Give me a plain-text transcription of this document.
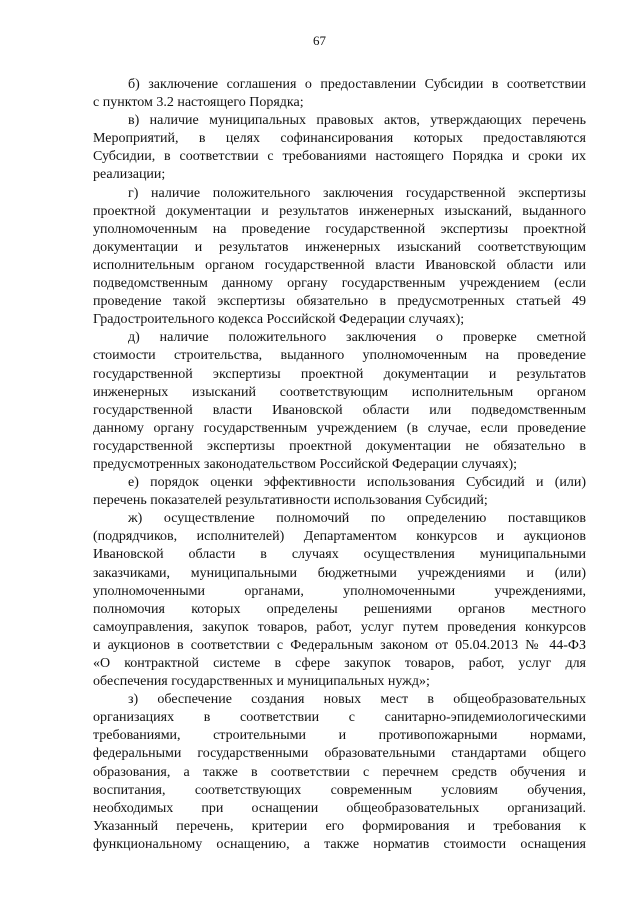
67
б) заключение соглашения о предоставлении Субсидии в соответствии
с пунктом 3.2 настоящего Порядка;
в) наличие муниципальных правовых актов, утверждающих перечень
Мероприятий, в целях софинансирования которых предоставляются
Субсидии, в соответствии с требованиями настоящего Порядка и сроки их
реализации;
г) наличие положительного заключения государственной экспертизы
проектной документации и результатов инженерных изысканий, выданного
уполномоченным на проведение государственной экспертизы проектной
документации и результатов инженерных изысканий соответствующим
исполнительным органом государственной власти Ивановской области или
подведомственным данному органу государственным учреждением (если
проведение такой экспертизы обязательно в предусмотренных статьей 49
Градостроительного кодекса Российской Федерации случаях);
д) наличие положительного заключения о проверке сметной
стоимости строительства, выданного уполномоченным на проведение
государственной экспертизы проектной документации и результатов
инженерных изысканий соответствующим исполнительным органом
государственной власти Ивановской области или подведомственным
данному органу государственным учреждением (в случае, если проведение
государственной экспертизы проектной документации не обязательно в
предусмотренных законодательством Российской Федерации случаях);
е) порядок оценки эффективности использования Субсидий и (или)
перечень показателей результативности использования Субсидий;
ж) осуществление полномочий по определению поставщиков
(подрядчиков, исполнителей) Департаментом конкурсов и аукционов
Ивановской области в случаях осуществления муниципальными
заказчиками, муниципальными бюджетными учреждениями и (или)
уполномоченными органами, уполномоченными учреждениями,
полномочия которых определены решениями органов местного
самоуправления, закупок товаров, работ, услуг путем проведения конкурсов
и аукционов в соответствии с Федеральным законом от 05.04.2013 № 44-ФЗ
«О контрактной системе в сфере закупок товаров, работ, услуг для
обеспечения государственных и муниципальных нужд»;
з) обеспечение создания новых мест в общеобразовательных
организациях в соответствии с санитарно-эпидемиологическими
требованиями, строительными и противопожарными нормами,
федеральными государственными образовательными стандартами общего
образования, а также в соответствии с перечнем средств обучения и
воспитания, соответствующих современным условиям обучения,
необходимых при оснащении общеобразовательных организаций.
Указанный перечень, критерии его формирования и требования к
функциональному оснащению, а также норматив стоимости оснащения
